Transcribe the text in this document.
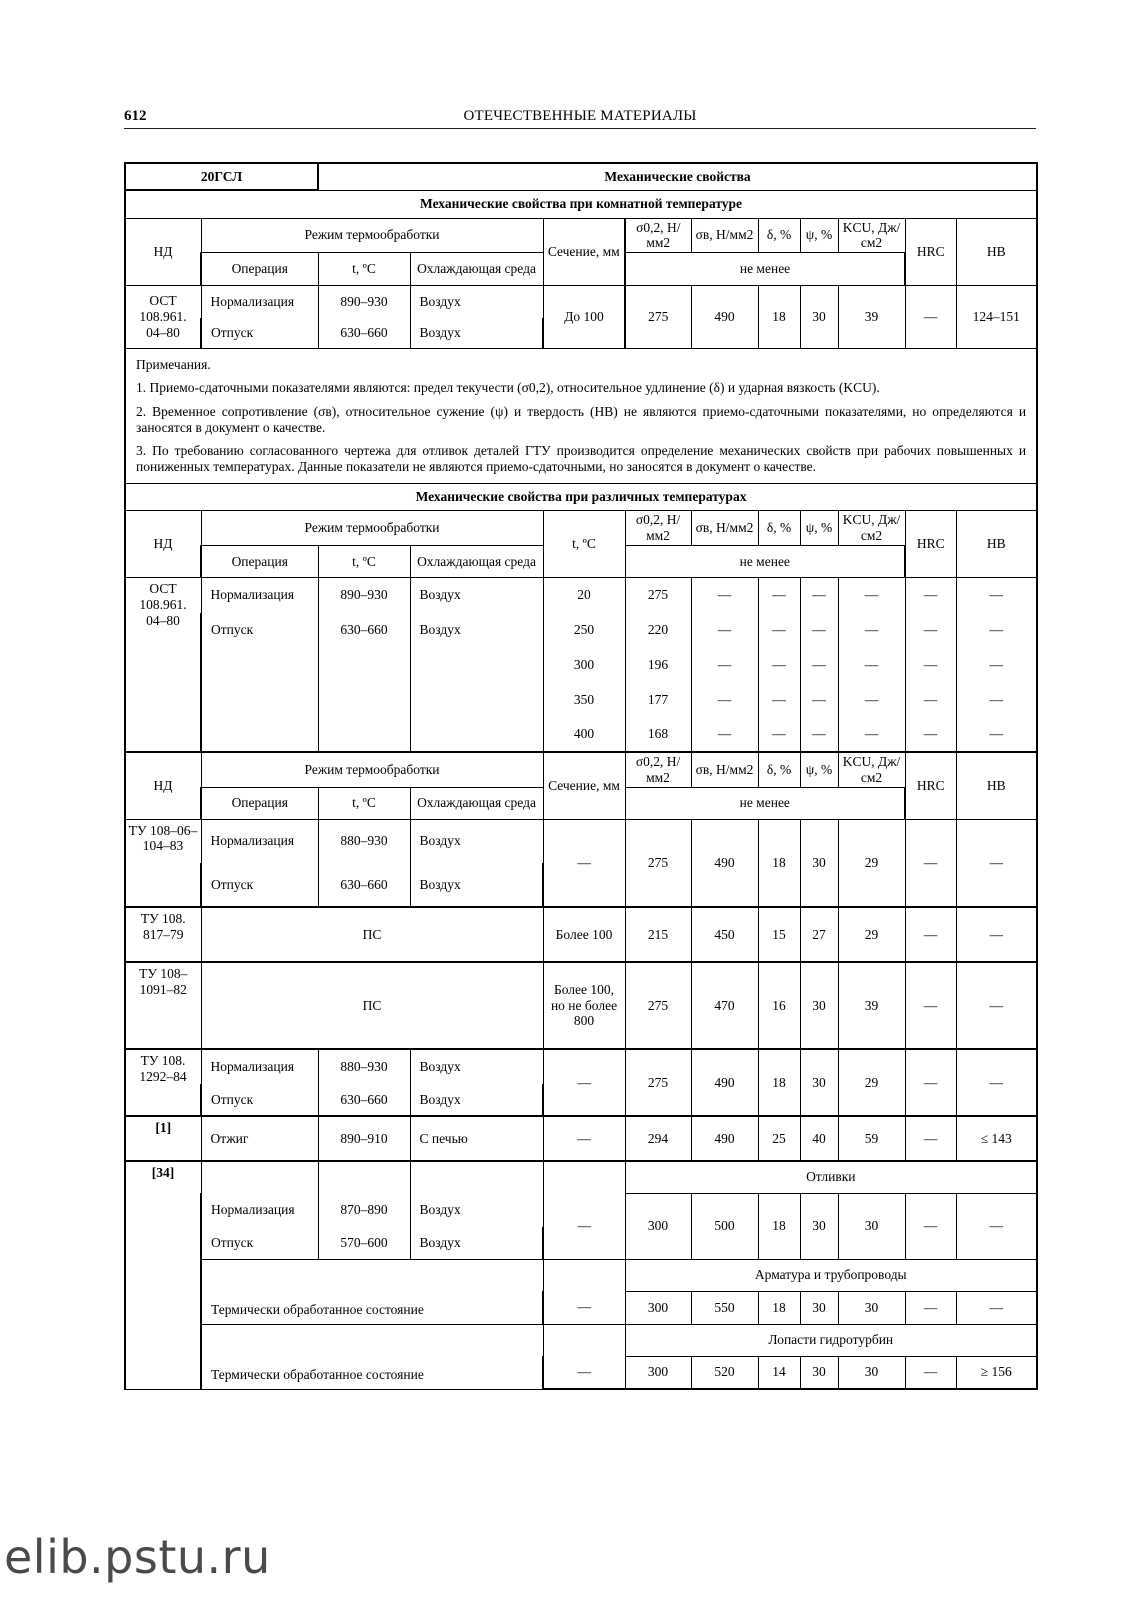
612	ОТЕЧЕСТВЕННЫЕ МАТЕРИАЛЫ
20ГСЛ		Механические свойства									
Механические свойства при комнатной температуре											
НД	Режим термообработки			Сечение, мм	σ0,2, Н/мм2	σв, Н/мм2	δ, %	ψ, %	KCU, Дж/см2	HRC	НВ
	Операция	t, ºС	Охлаждающая среда		не менее						
ОСТ 108.961. 04–80	Нормализация	890–930	Воздух	До 100	275	490	18	30	39	—	124–151
	Отпуск	630–660	Воздух								

Примечания.

1. Приемо-сдаточными показателями являются: предел текучести (σ0,2), относительное удлинение (δ) и ударная вязкость (KCU).

2. Временное сопротивление (σв), относительное сужение (ψ) и твердость (НВ) не являются приемо-сдаточными показателями, но определяются и заносятся в документ о качестве.

3. По требованию согласованного чертежа для отливок деталей ГТУ производится определение механических свойств при рабочих повышенных и пониженных температурах. Данные показатели не являются приемо-сдаточными, но заносятся в документ о качестве.											

Механические свойства при различных температурах											
НД	Режим термообработки			t, ºС	σ0,2, Н/мм2	σв, Н/мм2	δ, %	ψ, %	KCU, Дж/см2	HRC	НВ
	Операция	t, ºС	Охлаждающая среда		не менее						
ОСТ 108.961. 04–80	Нормализация	890–930	Воздух	20	275	—	—	—	—	—	—
	Отпуск	630–660	Воздух	250	220	—	—	—	—	—	—
				300	196	—	—	—	—	—	—
				350	177	—	—	—	—	—	—
				400	168	—	—	—	—	—	—
НД	Режим термообработки			Сечение, мм	σ0,2, Н/мм2	σв, Н/мм2	δ, %	ψ, %	KCU, Дж/см2	HRC	НВ
	Операция	t, ºС	Охлаждающая среда		не менее						
ТУ 108–06–104–83	Нормализация	880–930	Воздух	—	275	490	18	30	29	—	—
	Отпуск	630–660	Воздух								
ТУ 108. 817–79	ПС			Более 100	215	450	15	27	29	—	—
ТУ 108–1091–82	ПС			Более 100, но не более 800	275	470	16	30	39	—	—
ТУ 108. 1292–84	Нормализация	880–930	Воздух	—	275	490	18	30	29	—	—
	Отпуск	630–660	Воздух								
[1]	Отжиг	890–910	С печью	—	294	490	25	40	59	—	≤ 143
[34]					Отливки						
	Нормализация	870–890	Воздух	—	300	500	18	30	30	—	—
	Отпуск	570–600	Воздух								
	Термически обработанное состояние				Арматура и трубопроводы						
				—	300	550	18	30	30	—	—
	Термически обработанное состояние				Лопасти гидротурбин						
				—	300	520	14	30	30	—	≥ 156
elib.pstu.ru
